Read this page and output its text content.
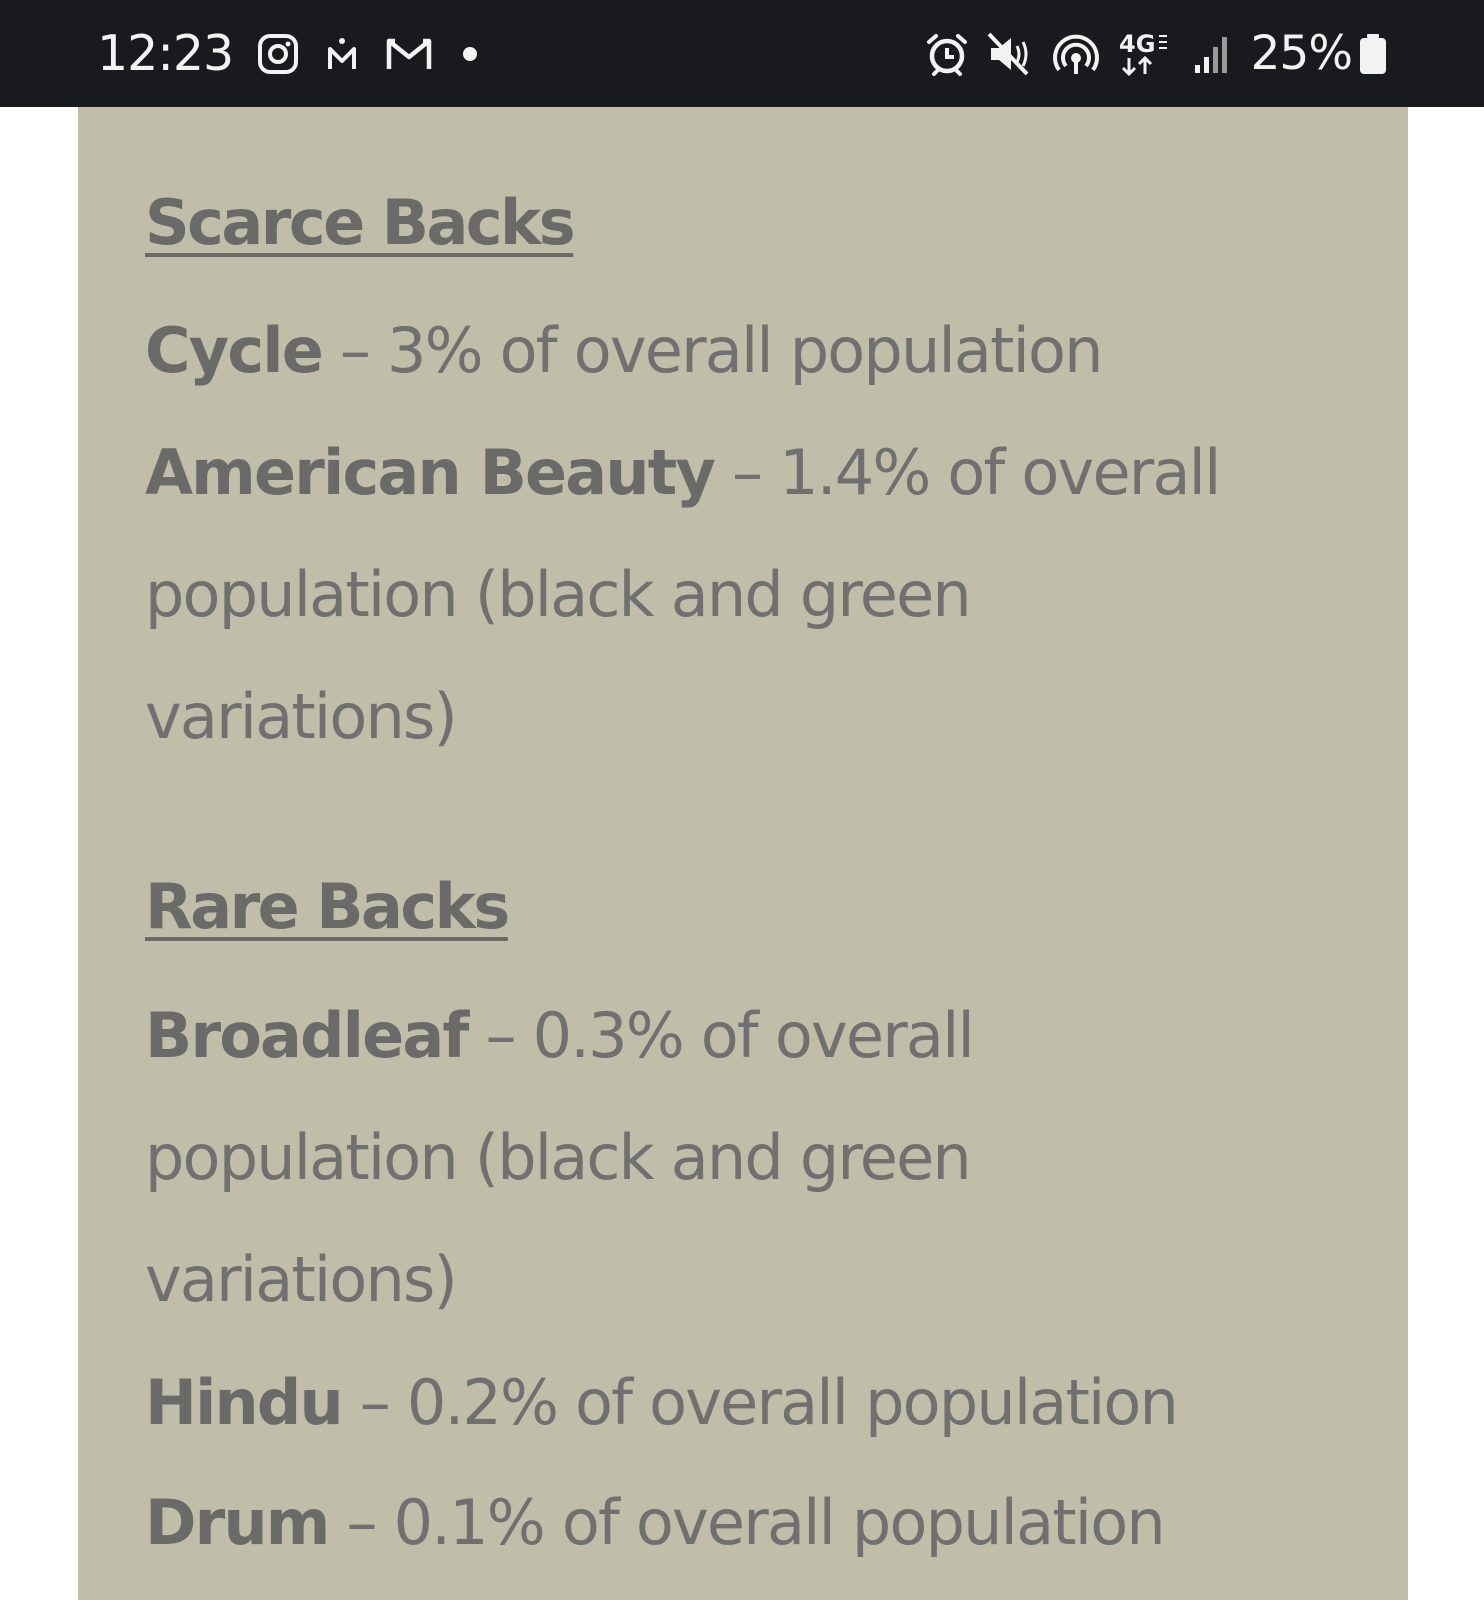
12:23	4G 25%
Scarce Backs
Cycle – 3% of overall population
American Beauty – 1.4% of overall population (black and green variations)
Rare Backs
Broadleaf – 0.3% of overall population (black and green variations)
Hindu – 0.2% of overall population
Drum – 0.1% of overall population
